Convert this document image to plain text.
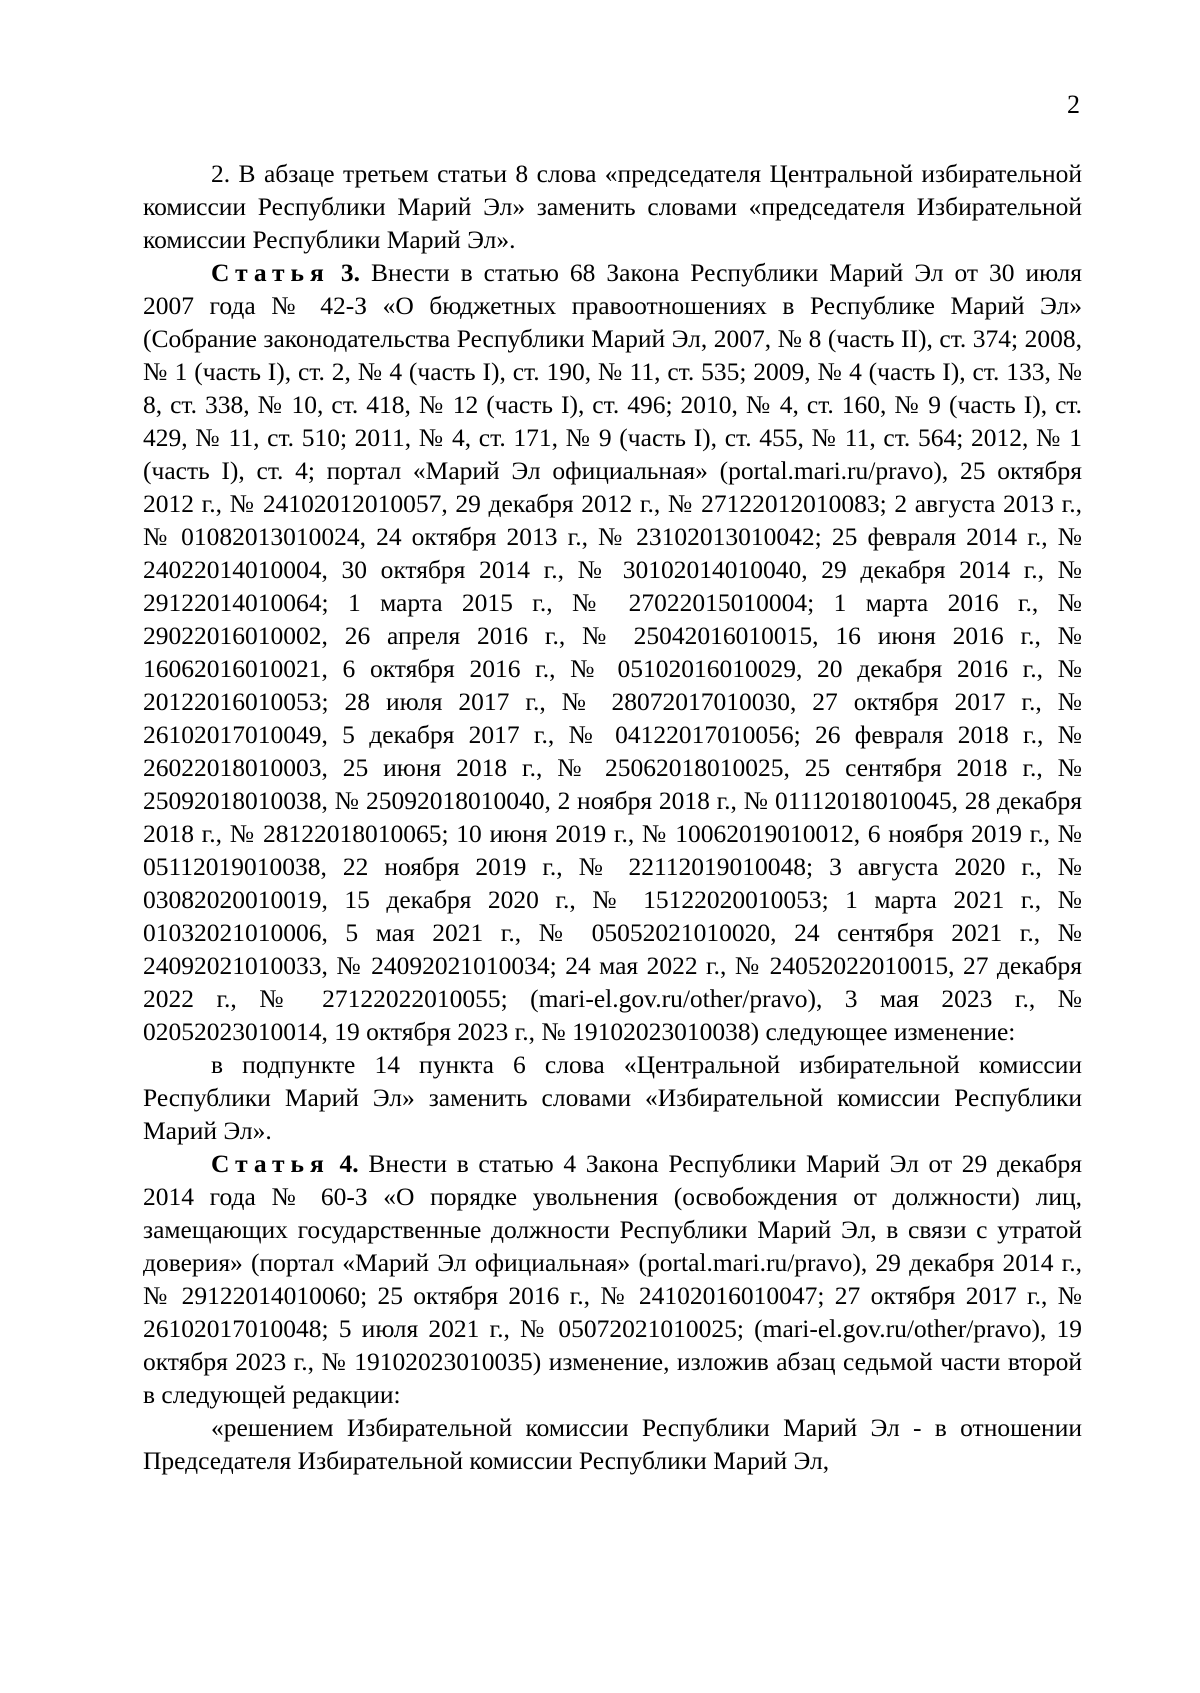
2

2. В абзаце третьем статьи 8 слова «председателя Центральной избирательной комиссии Республики Марий Эл» заменить словами «председателя Избирательной комиссии Республики Марий Эл».

Статья 3. Внести в статью 68 Закона Республики Марий Эл от 30 июля 2007 года № 42-З «О бюджетных правоотношениях в Республике Марий Эл» (Собрание законодательства Республики Марий Эл, 2007, № 8 (часть II), ст. 374; 2008, № 1 (часть I), ст. 2, № 4 (часть I), ст. 190, № 11, ст. 535; 2009, № 4 (часть I), ст. 133, № 8, ст. 338, № 10, ст. 418, № 12 (часть I), ст. 496; 2010, № 4, ст. 160, № 9 (часть I), ст. 429, № 11, ст. 510; 2011, № 4, ст. 171, № 9 (часть I), ст. 455, № 11, ст. 564; 2012, № 1 (часть I), ст. 4; портал «Марий Эл официальная» (portal.mari.ru/pravo), 25 октября 2012 г., № 24102012010057, 29 декабря 2012 г., № 27122012010083; 2 августа 2013 г., № 01082013010024, 24 октября 2013 г., № 23102013010042; 25 февраля 2014 г., № 24022014010004, 30 октября 2014 г., № 30102014010040, 29 декабря 2014 г., № 29122014010064; 1 марта 2015 г., № 27022015010004; 1 марта 2016 г., № 29022016010002, 26 апреля 2016 г., № 25042016010015, 16 июня 2016 г., № 16062016010021, 6 октября 2016 г., № 05102016010029, 20 декабря 2016 г., № 20122016010053; 28 июля 2017 г., № 28072017010030, 27 октября 2017 г., № 26102017010049, 5 декабря 2017 г., № 04122017010056; 26 февраля 2018 г., № 26022018010003, 25 июня 2018 г., № 25062018010025, 25 сентября 2018 г., № 25092018010038, № 25092018010040, 2 ноября 2018 г., № 01112018010045, 28 декабря 2018 г., № 28122018010065; 10 июня 2019 г., № 10062019010012, 6 ноября 2019 г., № 05112019010038, 22 ноября 2019 г., № 22112019010048; 3 августа 2020 г., № 03082020010019, 15 декабря 2020 г., № 15122020010053; 1 марта 2021 г., № 01032021010006, 5 мая 2021 г., № 05052021010020, 24 сентября 2021 г., № 24092021010033, № 24092021010034; 24 мая 2022 г., № 24052022010015, 27 декабря 2022 г., № 27122022010055; (mari-el.gov.ru/other/pravo), 3 мая 2023 г., № 02052023010014, 19 октября 2023 г., № 19102023010038) следующее изменение:

в подпункте 14 пункта 6 слова «Центральной избирательной комиссии Республики Марий Эл» заменить словами «Избирательной комиссии Республики Марий Эл».

Статья 4. Внести в статью 4 Закона Республики Марий Эл от 29 декабря 2014 года № 60-З «О порядке увольнения (освобождения от должности) лиц, замещающих государственные должности Республики Марий Эл, в связи с утратой доверия» (портал «Марий Эл официальная» (portal.mari.ru/pravo), 29 декабря 2014 г., № 29122014010060; 25 октября 2016 г., № 24102016010047; 27 октября 2017 г., № 26102017010048; 5 июля 2021 г., № 05072021010025; (mari-el.gov.ru/other/pravo), 19 октября 2023 г., № 19102023010035) изменение, изложив абзац седьмой части второй в следующей редакции:

«решением Избирательной комиссии Республики Марий Эл - в отношении Председателя Избирательной комиссии Республики Марий Эл,
